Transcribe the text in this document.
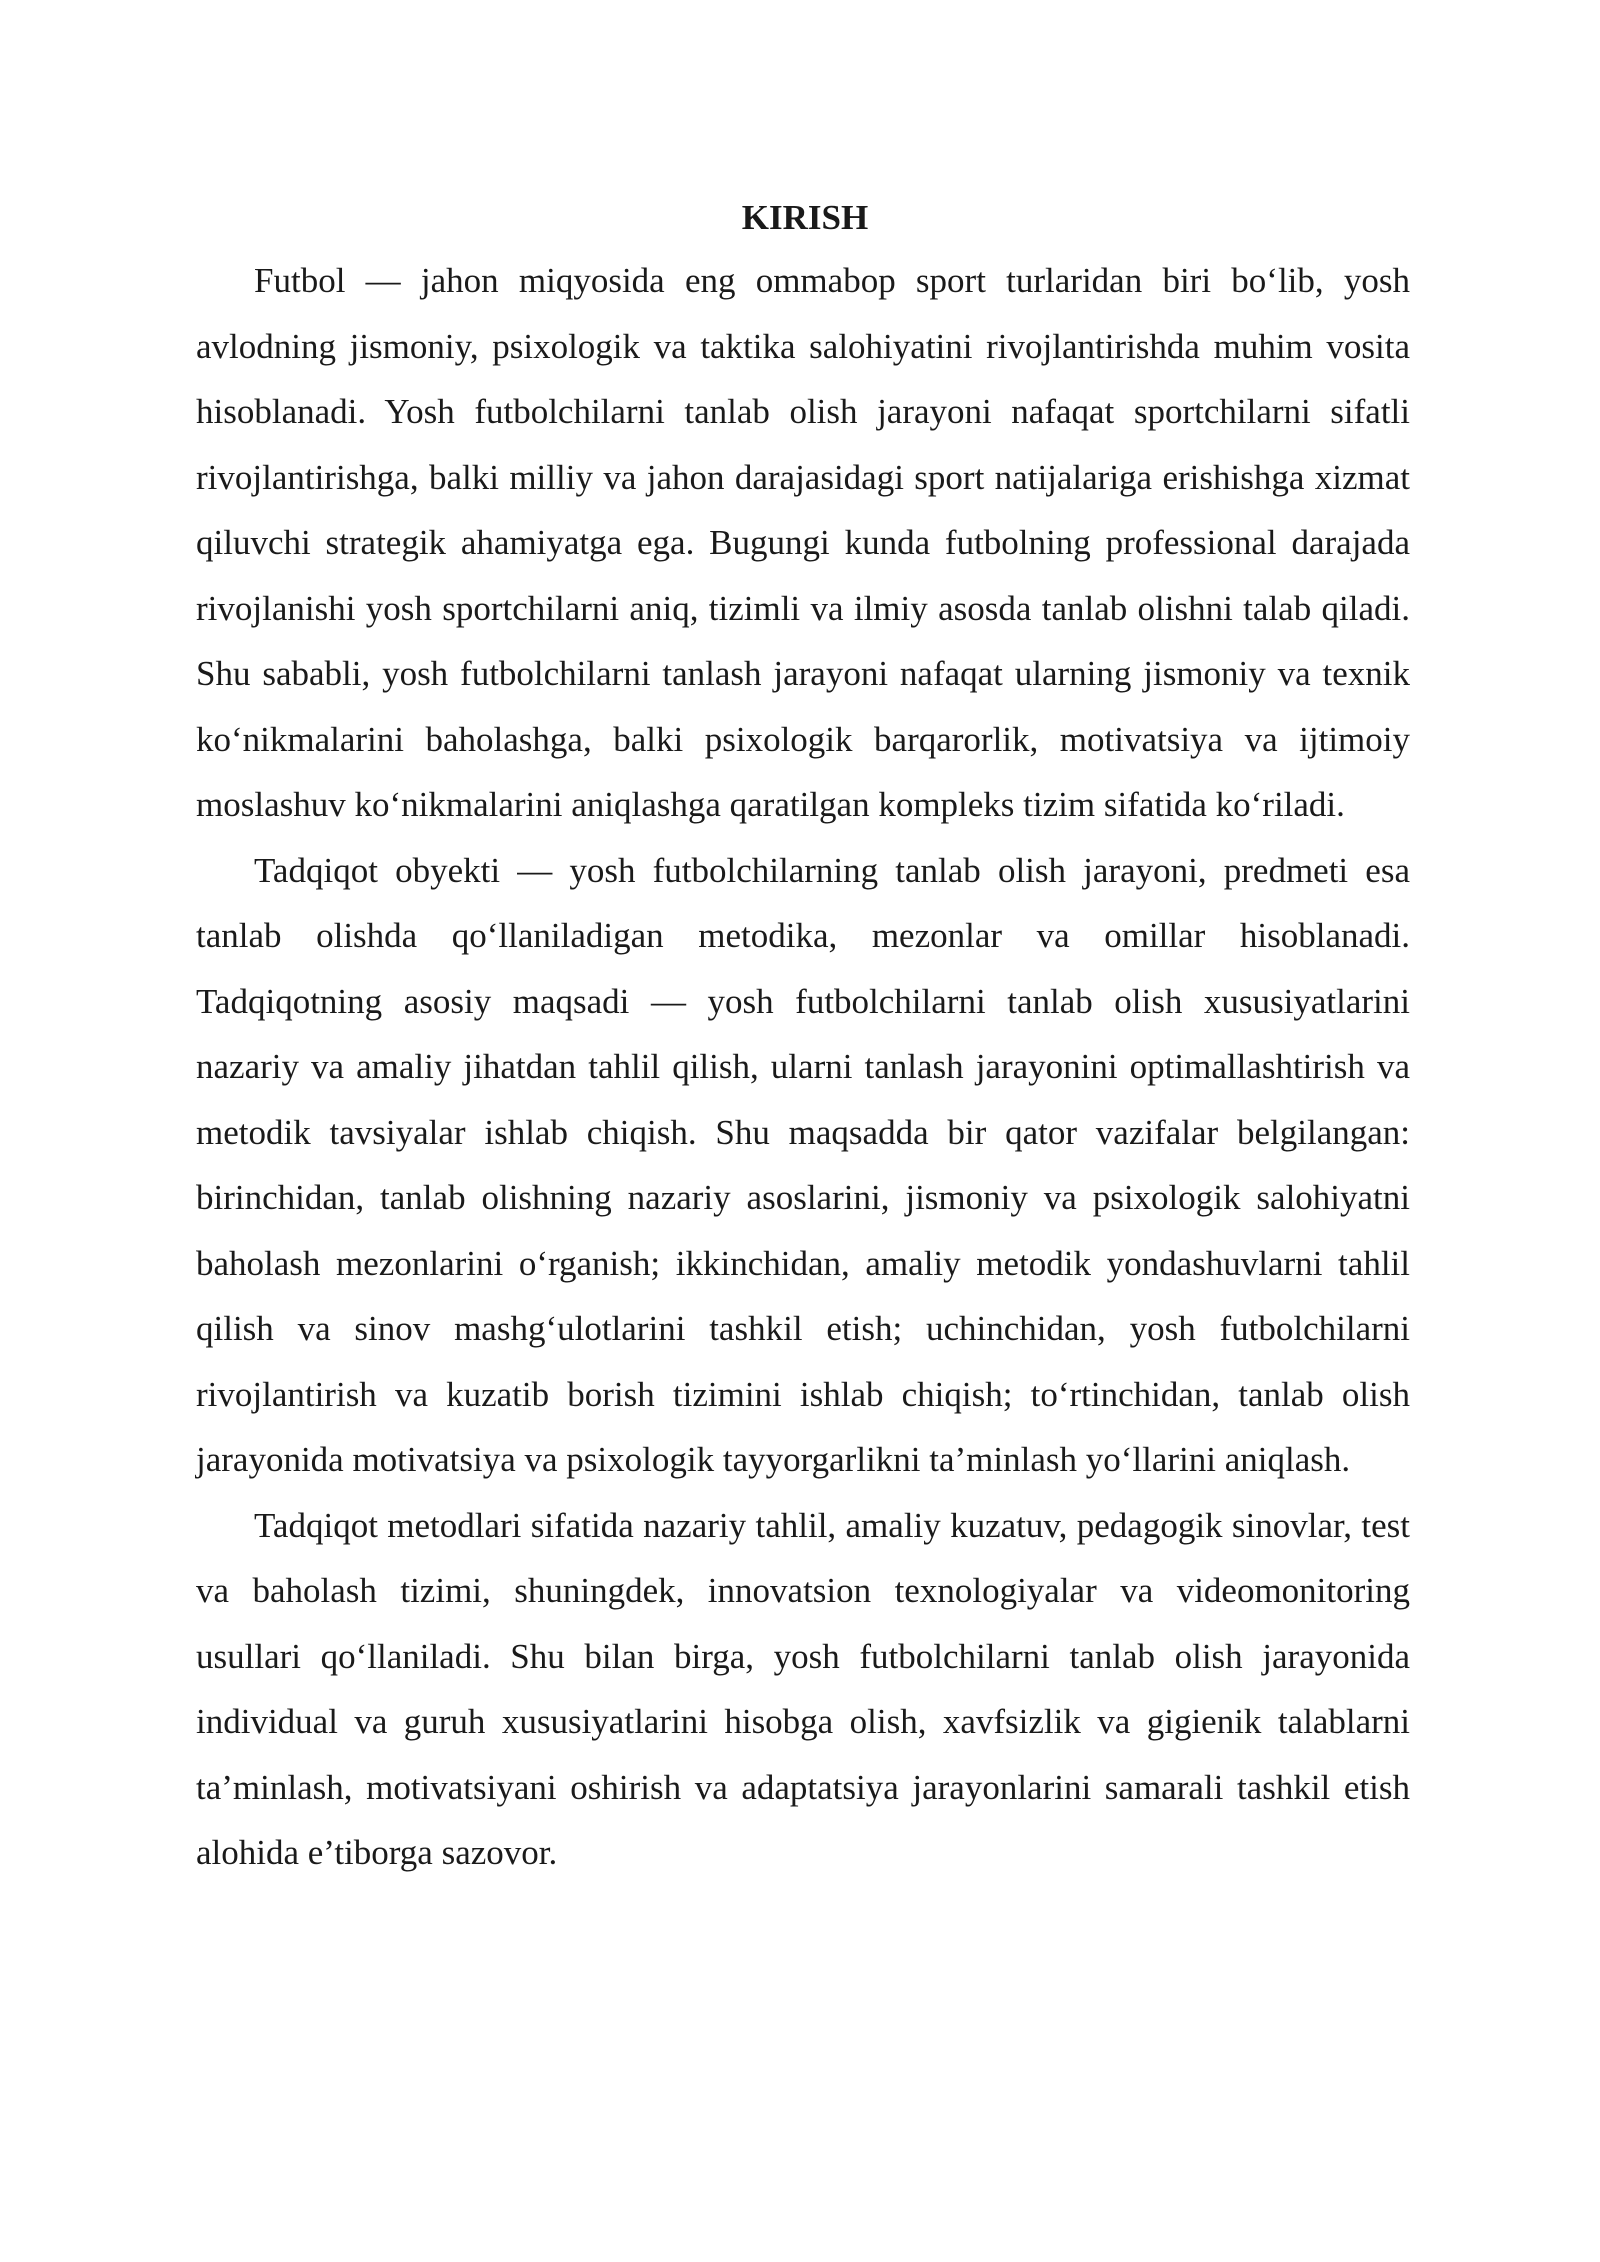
KIRISH

Futbol — jahon miqyosida eng ommabop sport turlaridan biri bo‘lib, yosh avlodning jismoniy, psixologik va taktika salohiyatini rivojlantirishda muhim vosita hisoblanadi. Yosh futbolchilarni tanlab olish jarayoni nafaqat sportchilarni sifatli rivojlantirishga, balki milliy va jahon darajasidagi sport natijalariga erishishga xizmat qiluvchi strategik ahamiyatga ega. Bugungi kunda futbolning professional darajada rivojlanishi yosh sportchilarni aniq, tizimli va ilmiy asosda tanlab olishni talab qiladi. Shu sababli, yosh futbolchilarni tanlash jarayoni nafaqat ularning jismoniy va texnik ko‘nikmalarini baholashga, balki psixologik barqarorlik, motivatsiya va ijtimoiy moslashuv ko‘nikmalarini aniqlashga qaratilgan kompleks tizim sifatida ko‘riladi.

Tadqiqot obyekti — yosh futbolchilarning tanlab olish jarayoni, predmeti esa tanlab olishda qo‘llaniladigan metodika, mezonlar va omillar hisoblanadi. Tadqiqotning asosiy maqsadi — yosh futbolchilarni tanlab olish xususiyatlarini nazariy va amaliy jihatdan tahlil qilish, ularni tanlash jarayonini optimallashtirish va metodik tavsiyalar ishlab chiqish. Shu maqsadda bir qator vazifalar belgilangan: birinchidan, tanlab olishning nazariy asoslarini, jismoniy va psixologik salohiyatni baholash mezonlarini o‘rganish; ikkinchidan, amaliy metodik yondashuvlarni tahlil qilish va sinov mashg‘ulotlarini tashkil etish; uchinchidan, yosh futbolchilarni rivojlantirish va kuzatib borish tizimini ishlab chiqish; to‘rtinchidan, tanlab olish jarayonida motivatsiya va psixologik tayyorgarlikni ta’minlash yo‘llarini aniqlash.

Tadqiqot metodlari sifatida nazariy tahlil, amaliy kuzatuv, pedagogik sinovlar, test va baholash tizimi, shuningdek, innovatsion texnologiyalar va videomonitoring usullari qo‘llaniladi. Shu bilan birga, yosh futbolchilarni tanlab olish jarayonida individual va guruh xususiyatlarini hisobga olish, xavfsizlik va gigienik talablarni ta’minlash, motivatsiyani oshirish va adaptatsiya jarayonlarini samarali tashkil etish alohida e’tiborga sazovor.
